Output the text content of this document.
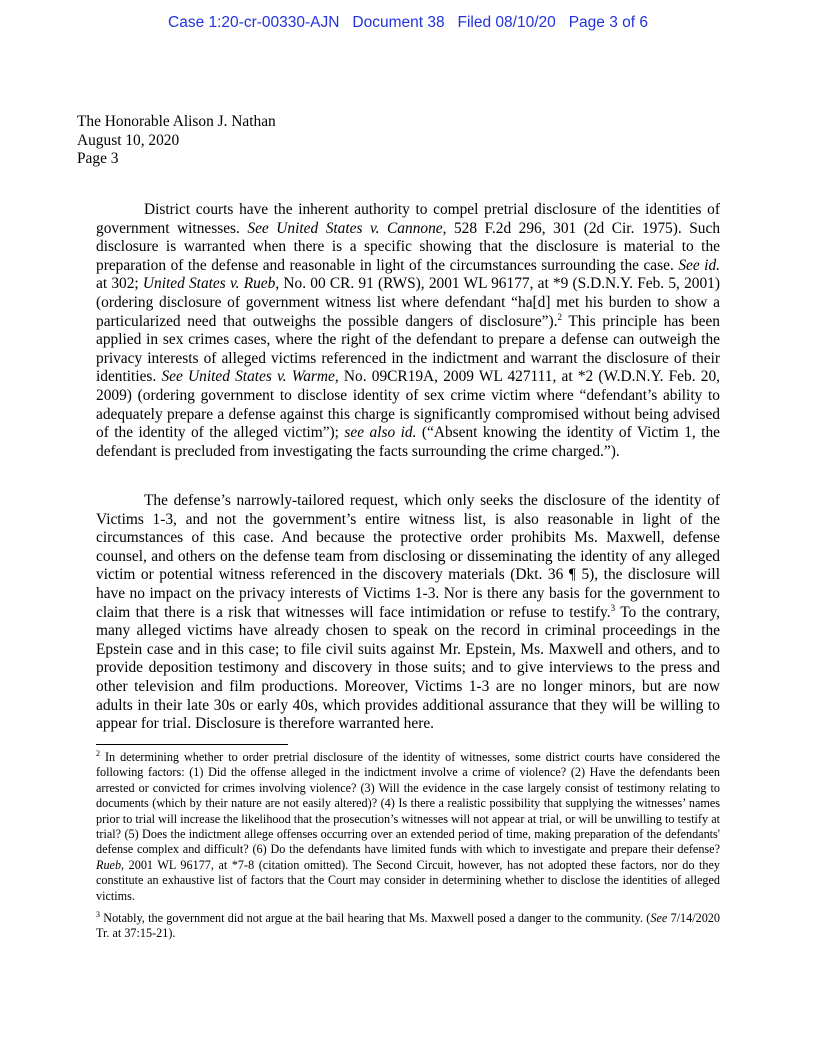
Case 1:20-cr-00330-AJN Document 38 Filed 08/10/20 Page 3 of 6
The Honorable Alison J. Nathan
August 10, 2020
Page 3

District courts have the inherent authority to compel pretrial disclosure of the identities of government witnesses. See United States v. Cannone, 528 F.2d 296, 301 (2d Cir. 1975). Such disclosure is warranted when there is a specific showing that the disclosure is material to the preparation of the defense and reasonable in light of the circumstances surrounding the case. See id. at 302; United States v. Rueb, No. 00 CR. 91 (RWS), 2001 WL 96177, at *9 (S.D.N.Y. Feb. 5, 2001) (ordering disclosure of government witness list where defendant “ha[d] met his burden to show a particularized need that outweighs the possible dangers of disclosure”).$^2$ This principle has been applied in sex crimes cases, where the right of the defendant to prepare a defense can outweigh the privacy interests of alleged victims referenced in the indictment and warrant the disclosure of their identities. See United States v. Warme, No. 09CR19A, 2009 WL 427111, at *2 (W.D.N.Y. Feb. 20, 2009) (ordering government to disclose identity of sex crime victim where “defendant’s ability to adequately prepare a defense against this charge is significantly compromised without being advised of the identity of the alleged victim”); see also id. (“Absent knowing the identity of Victim 1, the defendant is precluded from investigating the facts surrounding the crime charged.”).

The defense’s narrowly-tailored request, which only seeks the disclosure of the identity of Victims 1-3, and not the government’s entire witness list, is also reasonable in light of the circumstances of this case. And because the protective order prohibits Ms. Maxwell, defense counsel, and others on the defense team from disclosing or disseminating the identity of any alleged victim or potential witness referenced in the discovery materials (Dkt. 36 ¶ 5), the disclosure will have no impact on the privacy interests of Victims 1-3. Nor is there any basis for the government to claim that there is a risk that witnesses will face intimidation or refuse to testify.$^3$ To the contrary, many alleged victims have already chosen to speak on the record in criminal proceedings in the Epstein case and in this case; to file civil suits against Mr. Epstein, Ms. Maxwell and others, and to provide deposition testimony and discovery in those suits; and to give interviews to the press and other television and film productions. Moreover, Victims 1-3 are no longer minors, but are now adults in their late 30s or early 40s, which provides additional assurance that they will be willing to appear for trial. Disclosure is therefore warranted here.

$^2$ In determining whether to order pretrial disclosure of the identity of witnesses, some district courts have considered the following factors: (1) Did the offense alleged in the indictment involve a crime of violence? (2) Have the defendants been arrested or convicted for crimes involving violence? (3) Will the evidence in the case largely consist of testimony relating to documents (which by their nature are not easily altered)? (4) Is there a realistic possibility that supplying the witnesses’ names prior to trial will increase the likelihood that the prosecution’s witnesses will not appear at trial, or will be unwilling to testify at trial? (5) Does the indictment allege offenses occurring over an extended period of time, making preparation of the defendants' defense complex and difficult? (6) Do the defendants have limited funds with which to investigate and prepare their defense? Rueb, 2001 WL 96177, at *7-8 (citation omitted). The Second Circuit, however, has not adopted these factors, nor do they constitute an exhaustive list of factors that the Court may consider in determining whether to disclose the identities of alleged victims.

$^3$ Notably, the government did not argue at the bail hearing that Ms. Maxwell posed a danger to the community. (See 7/14/2020 Tr. at 37:15-21).
